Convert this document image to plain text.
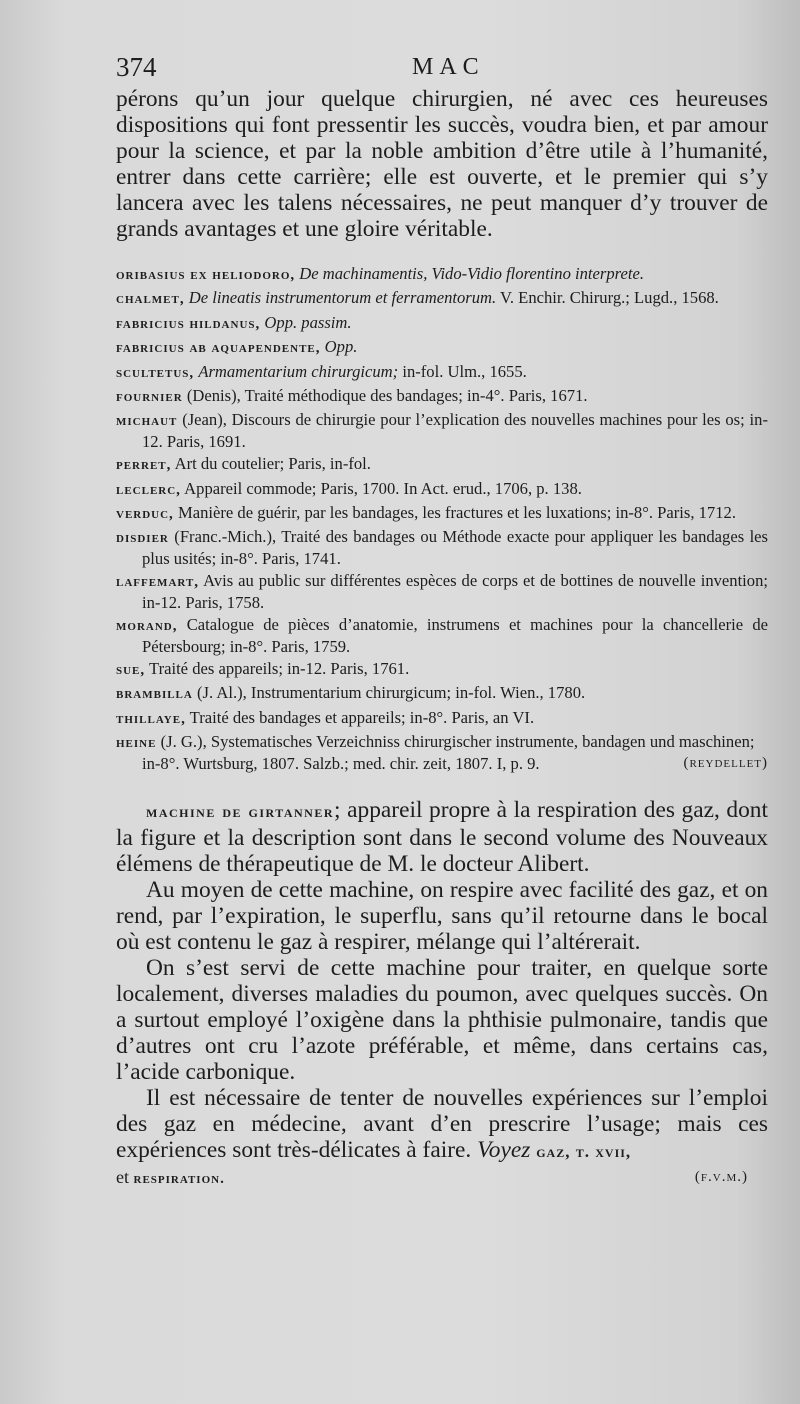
374	MAC

pérons qu’un jour quelque chirurgien, né avec ces heureuses dispositions qui font pressentir les succès, voudra bien, et par amour pour la science, et par la noble ambition d’être utile à l’humanité, entrer dans cette carrière; elle est ouverte, et le premier qui s’y lancera avec les talens nécessaires, ne peut manquer d’y trouver de grands avantages et une gloire véritable.

oribasius ex heliodoro, De machinamentis, Vido-Vidio florentino interprete.

chalmet, De lineatis instrumentorum et ferramentorum. V. Enchir. Chirurg.; Lugd., 1568.

fabricius hildanus, Opp. passim.

fabricius ab aquapendente, Opp.

scultetus, Armamentarium chirurgicum; in-fol. Ulm., 1655.

fournier (Denis), Traité méthodique des bandages; in-4°. Paris, 1671.

michaut (Jean), Discours de chirurgie pour l’explication des nouvelles machines pour les os; in-12. Paris, 1691.

perret, Art du coutelier; Paris, in-fol.

leclerc, Appareil commode; Paris, 1700. In Act. erud., 1706, p. 138.

verduc, Manière de guérir, par les bandages, les fractures et les luxations; in-8°. Paris, 1712.

disdier (Franc.-Mich.), Traité des bandages ou Méthode exacte pour appliquer les bandages les plus usités; in-8°. Paris, 1741.

laffemart, Avis au public sur différentes espèces de corps et de bottines de nouvelle invention; in-12. Paris, 1758.

morand, Catalogue de pièces d’anatomie, instrumens et machines pour la chancellerie de Pétersbourg; in-8°. Paris, 1759.

sue, Traité des appareils; in-12. Paris, 1761.

brambilla (J. Al.), Instrumentarium chirurgicum; in-fol. Wien., 1780.

thillaye, Traité des bandages et appareils; in-8°. Paris, an VI.

heine (J. G.), Systematisches Verzeichniss chirurgischer instrumente, bandagen und maschinen; in-8°. Wurtsburg, 1807. Salzb.; med. chir. zeit, 1807. I, p. 9.	(reydellet)

machine de girtanner; appareil propre à la respiration des gaz, dont la figure et la description sont dans le second volume des Nouveaux élémens de thérapeutique de M. le docteur Alibert.

Au moyen de cette machine, on respire avec facilité des gaz, et on rend, par l’expiration, le superflu, sans qu’il retourne dans le bocal où est contenu le gaz à respirer, mélange qui l’altérerait.

On s’est servi de cette machine pour traiter, en quelque sorte localement, diverses maladies du poumon, avec quelques succès. On a surtout employé l’oxigène dans la phthisie pulmonaire, tandis que d’autres ont cru l’azote préférable, et même, dans certains cas, l’acide carbonique.

Il est nécessaire de tenter de nouvelles expériences sur l’emploi des gaz en médecine, avant d’en prescrire l’usage; mais ces expériences sont très-délicates à faire. Voyez gaz, t. xvii,

et respiration.	(f.v.m.)
